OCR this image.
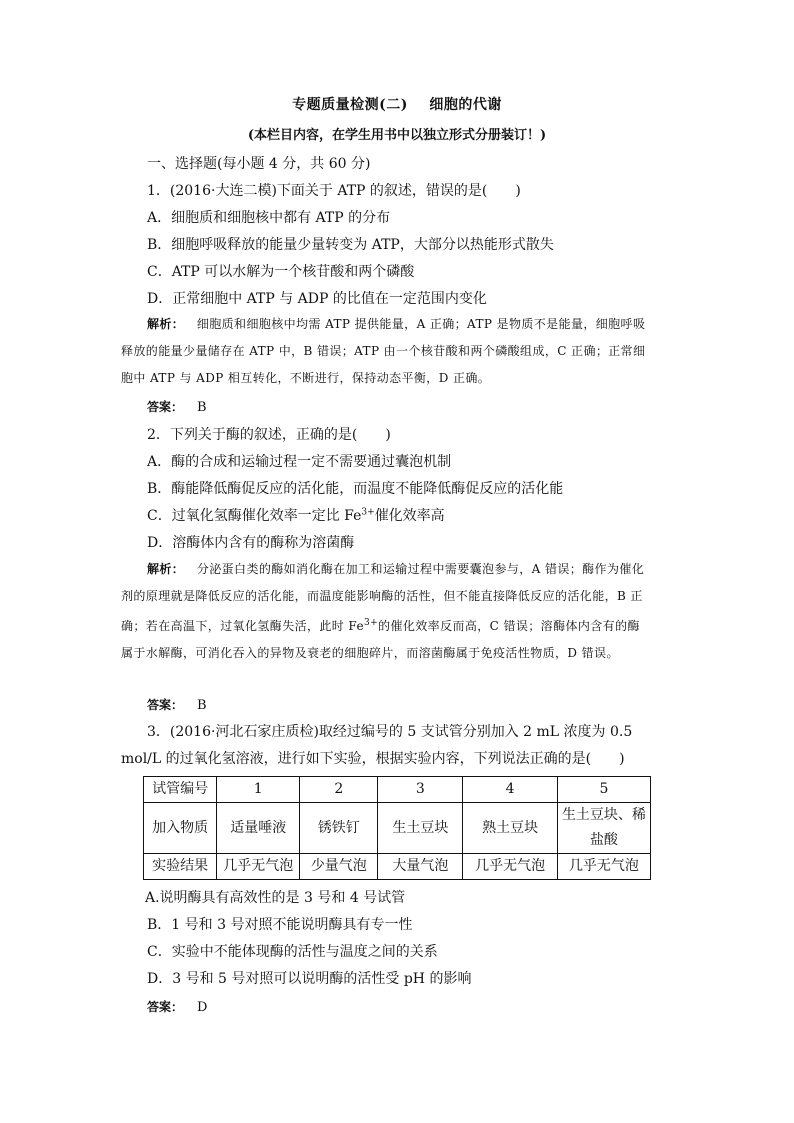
专题质量检测(二)    细胞的代谢
(本栏目内容，在学生用书中以独立形式分册装订！)
一、选择题(每小题 4 分，共 60 分)
1．(2016·大连二模)下面关于 ATP 的叙述，错误的是(　　)
A．细胞质和细胞核中都有 ATP 的分布
B．细胞呼吸释放的能量少量转变为 ATP，大部分以热能形式散失
C．ATP 可以水解为一个核苷酸和两个磷酸
D．正常细胞中 ATP 与 ADP 的比值在一定范围内变化
解析： 细胞质和细胞核中均需 ATP 提供能量，A 正确；ATP 是物质不是能量，细胞呼吸释放的能量少量储存在 ATP 中，B 错误；ATP 由一个核苷酸和两个磷酸组成，C 正确；正常细胞中 ATP 与 ADP 相互转化，不断进行，保持动态平衡，D 正确。
答案： B
2．下列关于酶的叙述，正确的是(　　)
A．酶的合成和运输过程一定不需要通过囊泡机制
B．酶能降低酶促反应的活化能，而温度不能降低酶促反应的活化能
C．过氧化氢酶催化效率一定比 $Fe^{3+}$催化效率高
D．溶酶体内含有的酶称为溶菌酶
解析： 分泌蛋白类的酶如消化酶在加工和运输过程中需要囊泡参与，A 错误；酶作为催化剂的原理就是降低反应的活化能，而温度能影响酶的活性，但不能直接降低反应的活化能，B 正确；若在高温下，过氧化氢酶失活，此时 $Fe^{3+}$的催化效率反而高，C 错误；溶酶体内含有的酶属于水解酶，可消化吞入的异物及衰老的细胞碎片，而溶菌酶属于免疫活性物质，D 错误。
答案： B
3．(2016·河北石家庄质检)取经过编号的 5 支试管分别加入 2 mL 浓度为 0.5 mol/L 的过氧化氢溶液，进行如下实验，根据实验内容，下列说法正确的是(　　)
试管编号	1	2	3	4	5
加入物质	适量唾液	锈铁钉	生土豆块	熟土豆块	生土豆块、稀盐酸
实验结果	几乎无气泡	少量气泡	大量气泡	几乎无气泡	几乎无气泡
A.说明酶具有高效性的是 3 号和 4 号试管
B．1 号和 3 号对照不能说明酶具有专一性
C．实验中不能体现酶的活性与温度之间的关系
D．3 号和 5 号对照可以说明酶的活性受 pH 的影响
答案： D
